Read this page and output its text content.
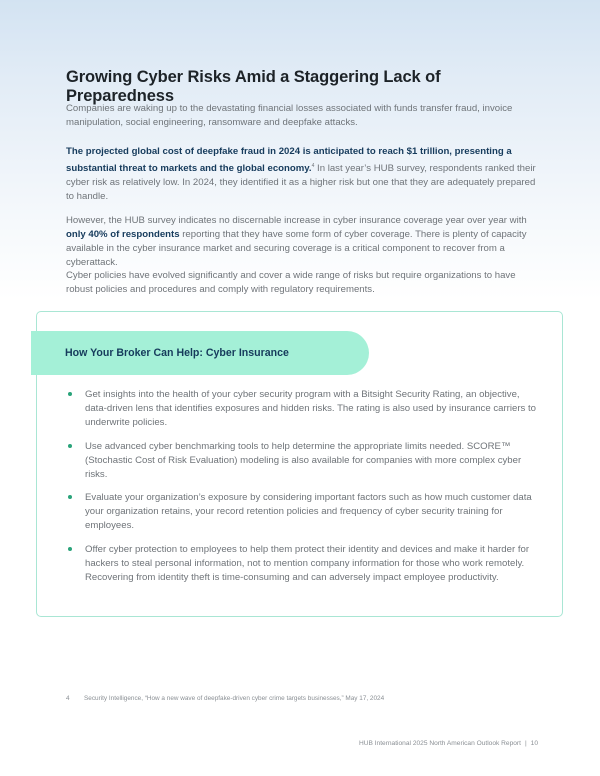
Growing Cyber Risks Amid a Staggering Lack of Preparedness

Companies are waking up to the devastating financial losses associated with funds transfer fraud, invoice manipulation, social engineering, ransomware and deepfake attacks.

The projected global cost of deepfake fraud in 2024 is anticipated to reach $1 trillion, presenting a substantial threat to markets and the global economy.$^4$ In last year’s HUB survey, respondents ranked their cyber risk as relatively low. In 2024, they identified it as a higher risk but one that they are adequately prepared to handle.

However, the HUB survey indicates no discernable increase in cyber insurance coverage year over year with only 40% of respondents reporting that they have some form of cyber coverage. There is plenty of capacity available in the cyber insurance market and securing coverage is a critical component to recover from a cyberattack.

Cyber policies have evolved significantly and cover a wide range of risks but require organizations to have robust policies and procedures and comply with regulatory requirements.

How Your Broker Can Help: Cyber Insurance
Get insights into the health of your cyber security program with a Bitsight Security Rating, an objective, data-driven lens that identifies exposures and hidden risks. The rating is also used by insurance carriers to underwrite policies.
Use advanced cyber benchmarking tools to help determine the appropriate limits needed. SCORE™ (Stochastic Cost of Risk Evaluation) modeling is also available for companies with more complex cyber risks.
Evaluate your organization’s exposure by considering important factors such as how much customer data your organization retains, your record retention policies and frequency of cyber security training for employees.
Offer cyber protection to employees to help them protect their identity and devices and make it harder for hackers to steal personal information, not to mention company information for those who work remotely. Recovering from identity theft is time-consuming and can adversely impact employee productivity.

4 Security Intelligence, “How a new wave of deepfake-driven cyber crime targets businesses,” May 17, 2024

HUB International 2025 North American Outlook Report | 10
